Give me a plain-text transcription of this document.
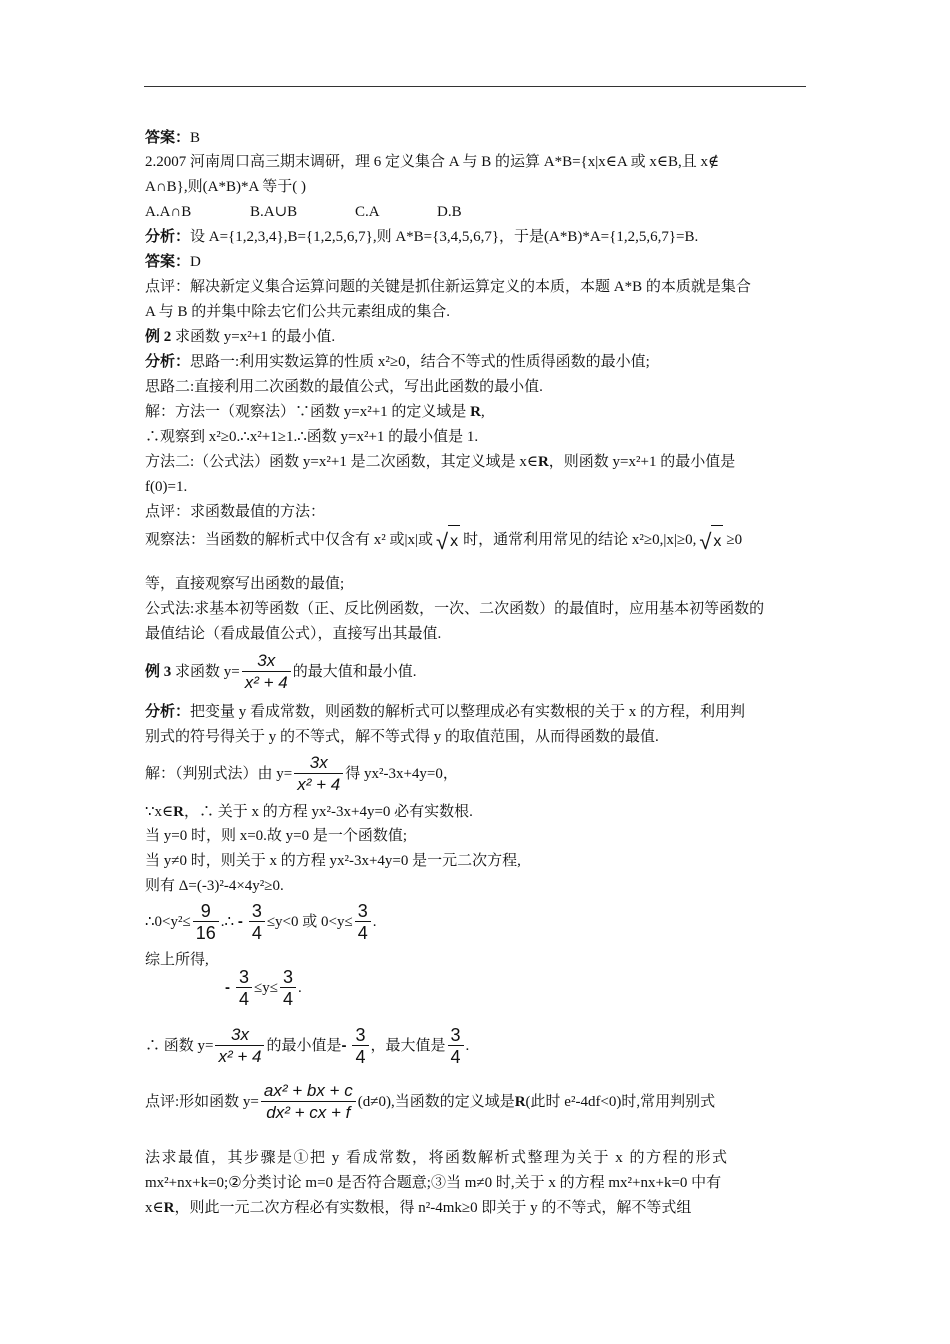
答案：B
2.2007 河南周口高三期末调研，理 6 定义集合 A 与 B 的运算 A*B={x|x∈A 或 x∈B,且 x∉
A∩B},则(A*B)*A 等于( )
A.A∩B	B.A∪B	C.A	D.B
分析：设 A={1,2,3,4},B={1,2,5,6,7},则 A*B={3,4,5,6,7}，于是(A*B)*A={1,2,5,6,7}=B.
答案：D
点评：解决新定义集合运算问题的关键是抓住新运算定义的本质，本题 A*B 的本质就是集合
A 与 B 的并集中除去它们公共元素组成的集合.
例 2 求函数 y=x²+1 的最小值.
分析：思路一:利用实数运算的性质 x²≥0，结合不等式的性质得函数的最小值;
思路二:直接利用二次函数的最值公式，写出此函数的最小值.
解：方法一（观察法）∵函数 y=x²+1 的定义域是 R,
∴观察到 x²≥0.∴x²+1≥1.∴函数 y=x²+1 的最小值是 1.
方法二:（公式法）函数 y=x²+1 是二次函数，其定义域是 x∈R，则函数 y=x²+1 的最小值是
f(0)=1.
点评：求函数最值的方法：
观察法：当函数的解析式中仅含有 x² 或|x|或 √ x 时，通常利用常见的结论 x²≥0,|x|≥0, √ x ≥0
等，直接观察写出函数的最值;
公式法:求基本初等函数（正、反比例函数，一次、二次函数）的最值时，应用基本初等函数的
最值结论（看成最值公式），直接写出其最值.
例 3 求函数 $y= \frac{3x}{\text{x² + 4}}$ 的最大值和最小值.
分析：把变量 y 看成常数，则函数的解析式可以整理成必有实数根的关于 x 的方程，利用判
别式的符号得关于 y 的不等式，解不等式得 y 的取值范围，从而得函数的最值.
解：（判别式法）由 $y= \frac{3x}{\text{x² + 4}}$ 得 yx²-3x+4y=0，
∵x∈R，∴ 关于 x 的方程 yx²-3x+4y=0 必有实数根.
当 y=0 时，则 x=0.故 y=0 是一个函数值;
当 y≠0 时，则关于 x 的方程 yx²-3x+4y=0 是一元二次方程,
则有 Δ=(-3)²-4×4y²≥0.
∴0<y²≤ $\frac{9}{16}$ .∴ - $\frac{3}{4} \le y<0$ 或 $0<y\le \frac{3}{4}$ .
综上所得,
- $\frac{3}{4} \le y\le \frac{3}{4}$ .
∴ 函数 $y= \frac{3x}{\text{x² + 4}}$ 的最小值是- $\frac{3}{4}$ ，最大值是 $\frac{3}{4}$ .
点评:形如函数 $y= \frac{\text{ax² + bx + c}}{\text{dx² + cx + f}} (d\ne 0)$,当函数的定义域是R(此时 e²-4df<0)时,常用判别式
法求最值，其步骤是①把 y 看成常数，将函数解析式整理为关于 x 的方程的形式
mx²+nx+k=0;②分类讨论 m=0 是否符合题意;③当 m≠0 时,关于 x 的方程 mx²+nx+k=0 中有
x∈R，则此一元二次方程必有实数根，得 n²-4mk≥0 即关于 y 的不等式，解不等式组
